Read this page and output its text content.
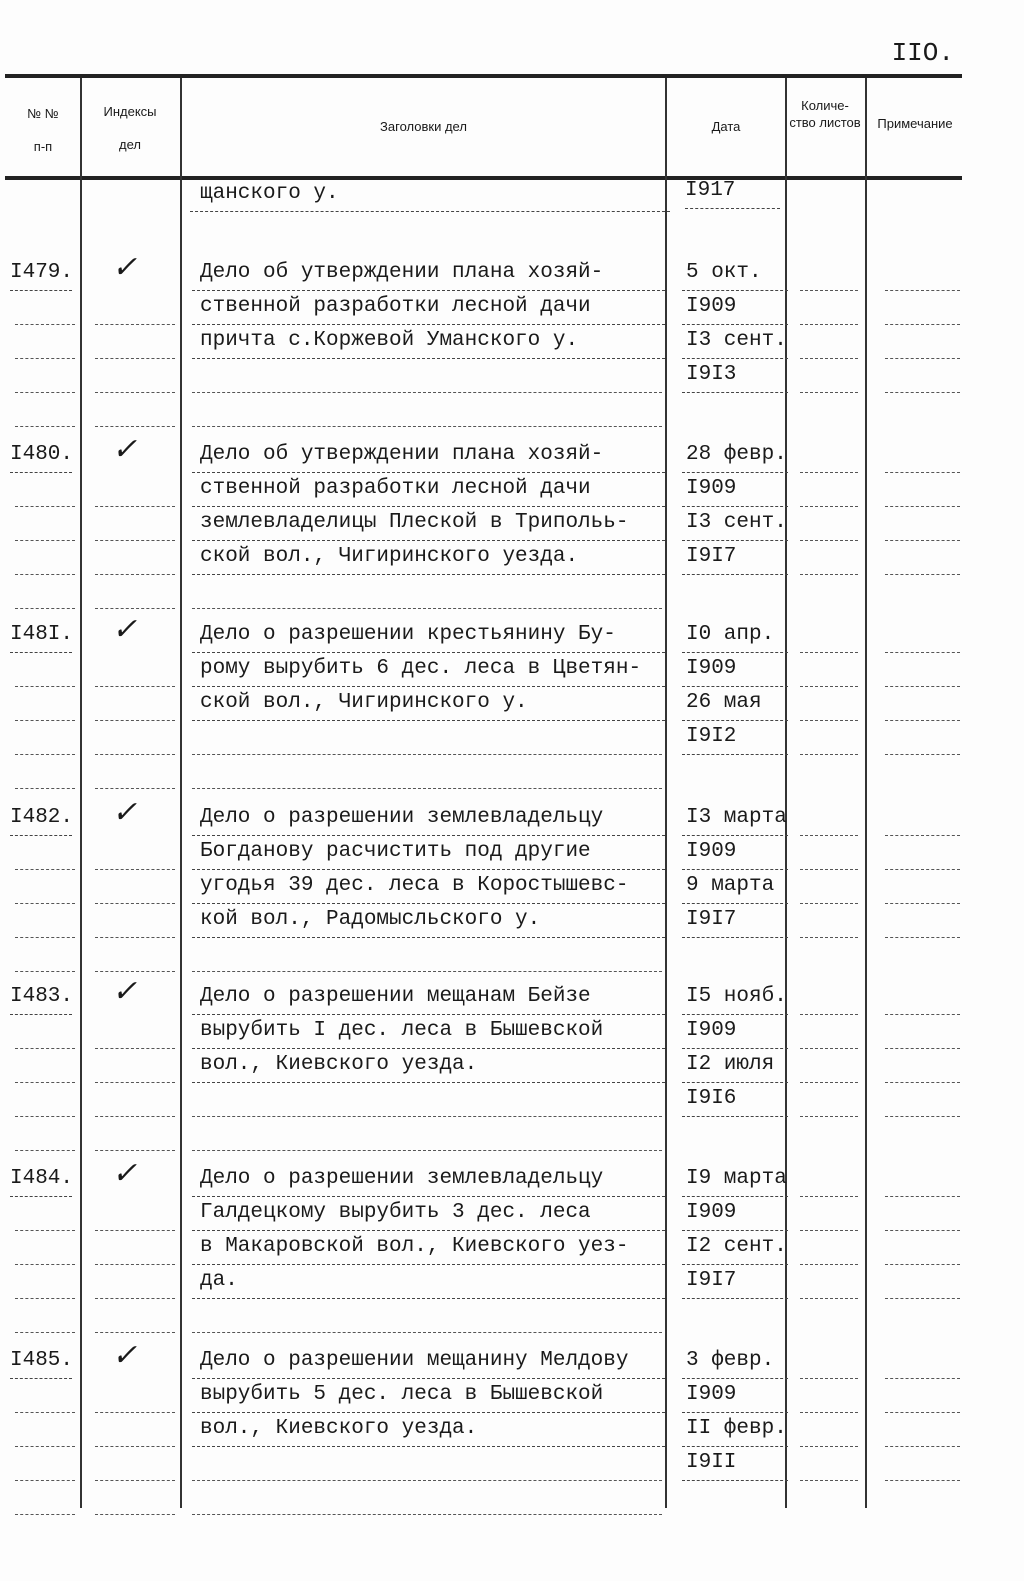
IIO.
№ №
п-п
Индексы
дел
Заголовки дел	Дата
Количе-ство листов	Примечание
щанского у.	I917
I479. ✓	Дело об утверждении плана хозяй-	5 окт.
ственной разработки лесной дачи	I909
причта с.Коржевой Уманского у.	I3 сент.
I9I3
I480. ✓	Дело об утверждении плана хозяй-	28 февр.
ственной разработки лесной дачи	I909
землевладелицы Плеской в Трипольь-	I3 сент.
ской вол., Чигиринского уезда.	I9I7
I48I. ✓	Дело о разрешении крестьянину Бу-	I0 апр.
рому вырубить 6 дес. леса в Цветян-	I909
ской вол., Чигиринского у.	26 мая
I9I2
I482. ✓	Дело о разрешении землевладельцу	I3 марта
Богданову расчистить под другие	I909
угодья 39 дес. леса в Коростышевс-	9 марта
кой вол., Радомысльского у.	I9I7
I483. ✓	Дело о разрешении мещанам Бейзе	I5 нояб.
вырубить I дес. леса в Бышевской	I909
вол., Киевского уезда.	I2 июля
I9I6
I484. ✓	Дело о разрешении землевладельцу	I9 марта
Галдецкому вырубить 3 дес. леса	I909
в Макаровской вол., Киевского уез-	I2 сент.
да.	I9I7
I485. ✓	Дело о разрешении мещанину Мелдову	3 февр.
вырубить 5 дес. леса в Бышевской	I909
вол., Киевского уезда.	II февр.
I9II
